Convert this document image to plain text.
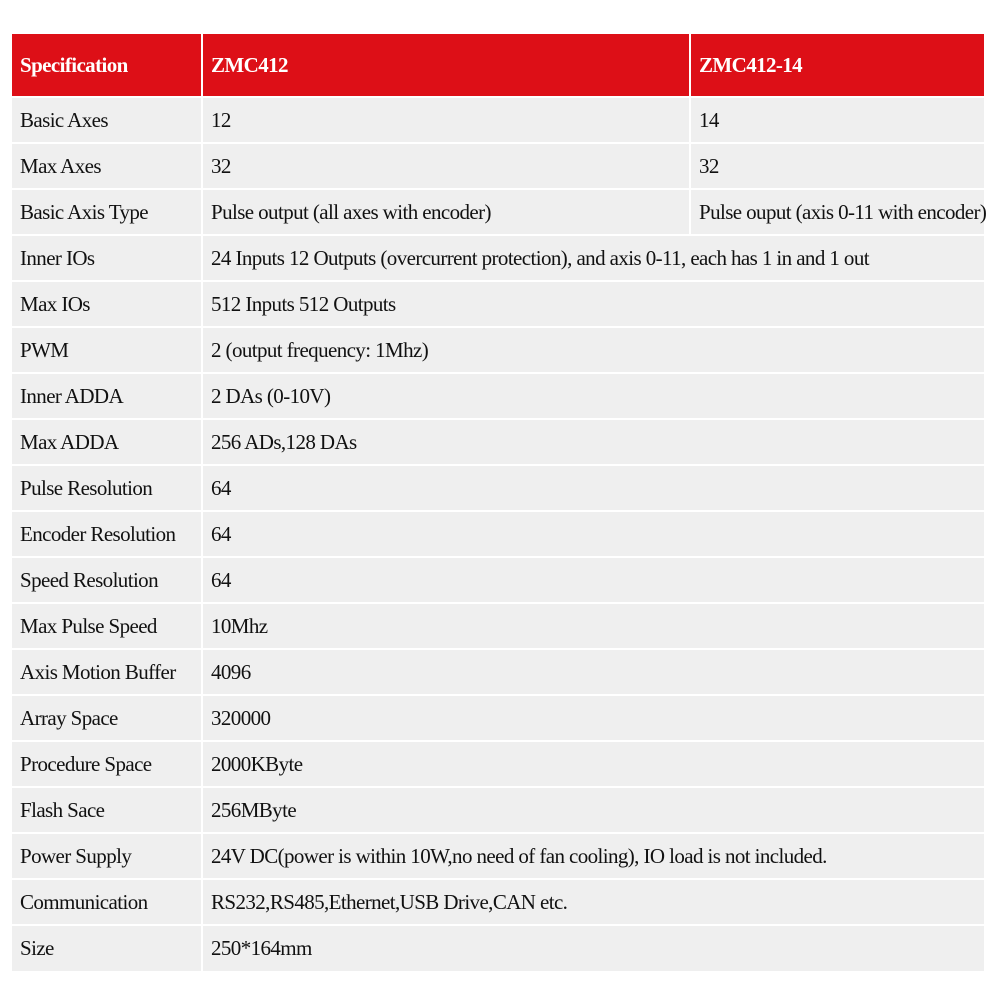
Specification	ZMC412	ZMC412-14
Basic Axes	12	14
Max Axes	32	32
Basic Axis Type	Pulse output (all axes with encoder)	Pulse ouput (axis 0-11 with encoder)
Inner IOs	24 Inputs 12 Outputs (overcurrent protection), and axis 0-11, each has 1 in and 1 out	
Max IOs	512 Inputs 512 Outputs	
PWM	2 (output frequency: 1Mhz)	
Inner ADDA	2 DAs (0-10V)	
Max ADDA	256 ADs,128 DAs	
Pulse Resolution	64	
Encoder Resolution	64	
Speed Resolution	64	
Max Pulse Speed	10Mhz	
Axis Motion Buffer	4096	
Array Space	320000	
Procedure Space	2000KByte	
Flash Sace	256MByte	
Power Supply	24V DC(power is within 10W,no need of fan cooling), IO load is not included.	
Communication	RS232,RS485,Ethernet,USB Drive,CAN etc.	
Size	250*164mm	
